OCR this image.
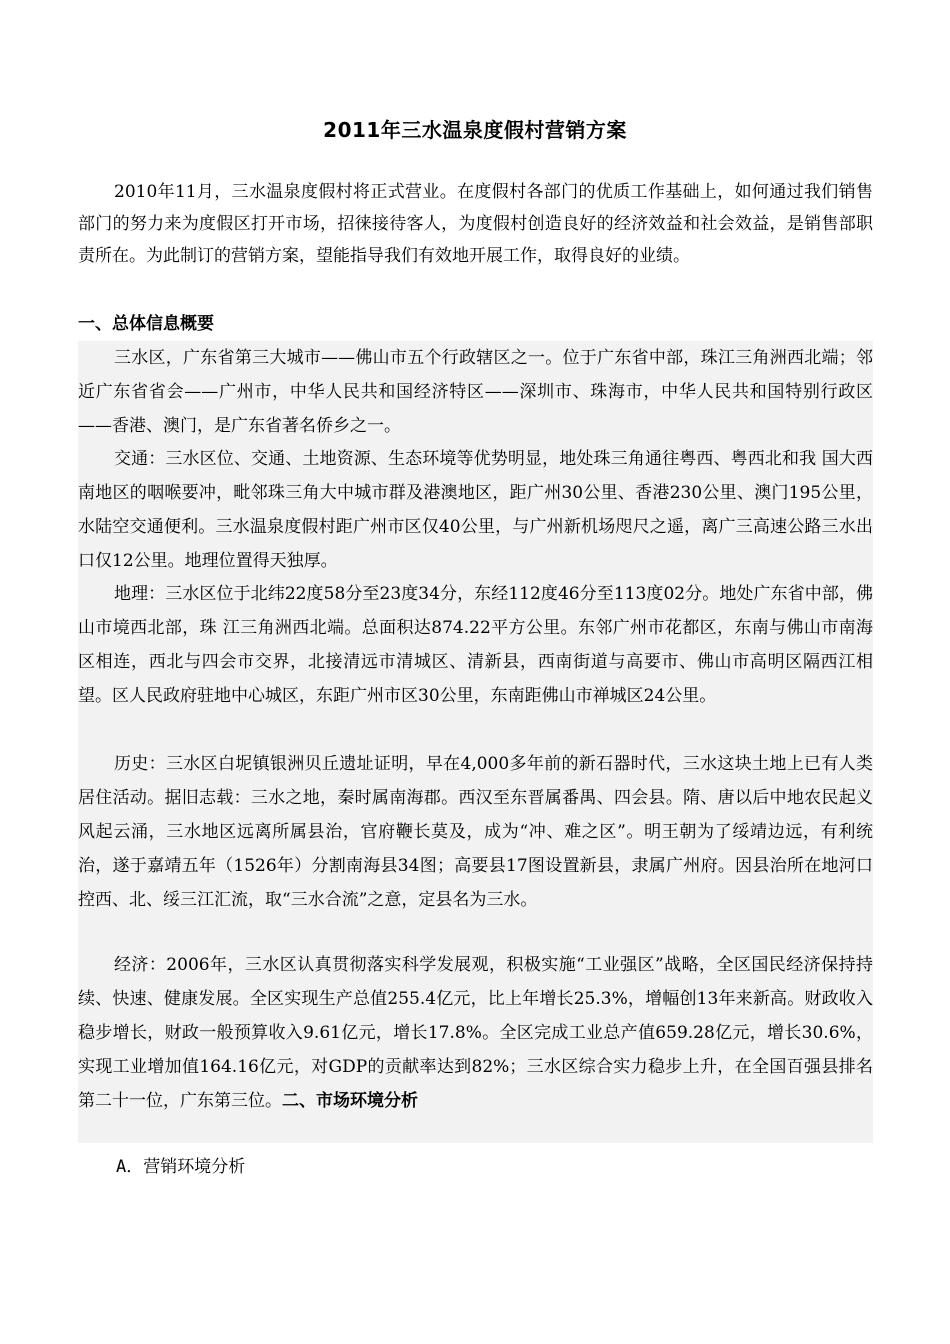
2011年三水温泉度假村营销方案

2010年11月，三水温泉度假村将正式营业。在度假村各部门的优质工作基础上，如何通过我们销售部门的努力来为度假区打开市场，招徕接待客人，为度假村创造良好的经济效益和社会效益，是销售部职责所在。为此制订的营销方案，望能指导我们有效地开展工作，取得良好的业绩。

一、总体信息概要

三水区，广东省第三大城市——佛山市五个行政辖区之一。位于广东省中部，珠江三角洲西北端；邻近广东省省会——广州市，中华人民共和国经济特区——深圳市、珠海市，中华人民共和国特别行政区——香港、澳门，是广东省著名侨乡之一。

交通：三水区位、交通、土地资源、生态环境等优势明显，地处珠三角通往粤西、粤西北和我 国大西南地区的咽喉要冲，毗邻珠三角大中城市群及港澳地区，距广州30公里、香港230公里、澳门195公里，水陆空交通便利。三水温泉度假村距广州市区仅40公里，与广州新机场咫尺之遥，离广三高速公路三水出口仅12公里。地理位置得天独厚。

地理：三水区位于北纬22度58分至23度34分，东经112度46分至113度02分。地处广东省中部，佛山市境西北部，珠 江三角洲西北端。总面积达874.22平方公里。东邻广州市花都区，东南与佛山市南海区相连，西北与四会市交界，北接清远市清城区、清新县，西南街道与高要市、佛山市高明区隔西江相望。区人民政府驻地中心城区，东距广州市区30公里，东南距佛山市禅城区24公里。

历史：三水区白坭镇银洲贝丘遗址证明，早在4,000多年前的新石器时代，三水这块土地上已有人类居住活动。据旧志载：三水之地，秦时属南海郡。西汉至东晋属番禺、四会县。隋、唐以后中地农民起义风起云涌，三水地区远离所属县治，官府鞭长莫及，成为“冲、难之区”。明王朝为了绥靖边远，有利统治，遂于嘉靖五年（1526年）分割南海县34图；高要县17图设置新县，隶属广州府。因县治所在地河口控西、北、绥三江汇流，取“三水合流”之意，定县名为三水。

经济：2006年，三水区认真贯彻落实科学发展观，积极实施“工业强区”战略，全区国民经济保持持续、快速、健康发展。全区实现生产总值255.4亿元，比上年增长25.3%，增幅创13年来新高。财政收入稳步增长，财政一般预算收入9.61亿元，增长17.8%。全区完成工业总产值659.28亿元，增长30.6%，实现工业增加值164.16亿元，对GDP的贡献率达到82%；三水区综合实力稳步上升，在全国百强县排名第二十一位，广东第三位。二、市场环境分析

A．营销环境分析
